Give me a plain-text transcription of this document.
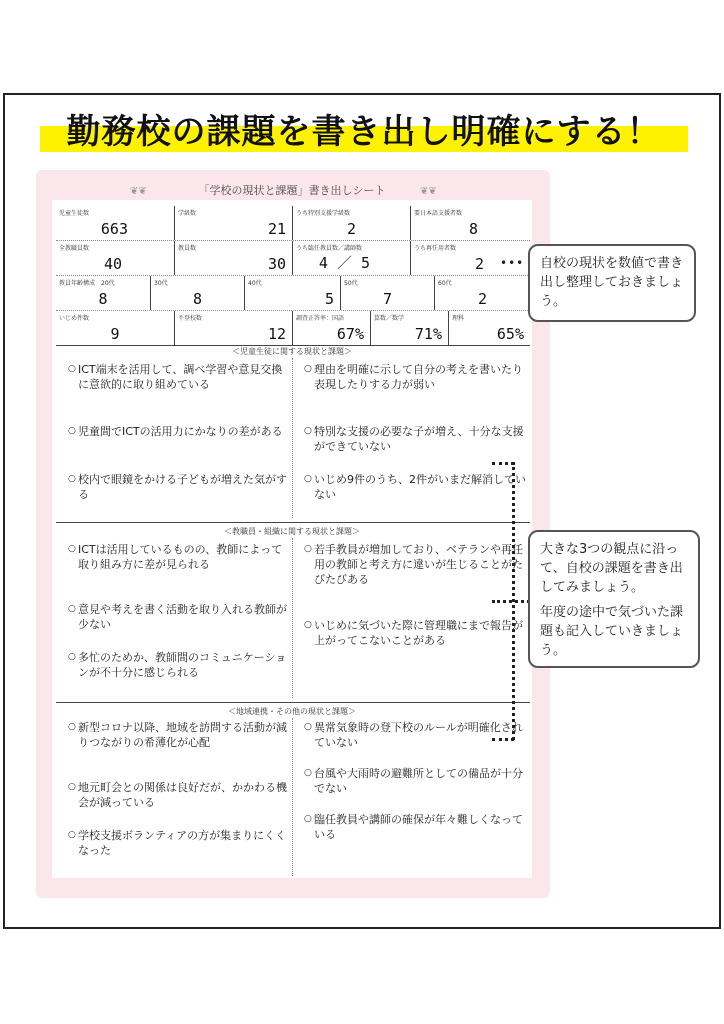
勤務校の課題を書き出し明確にする！
❦❦	❦❦
「学校の現状と課題」書き出しシート
児童生徒数
663
学級数
21
うち特別支援学級数
2
要日本語支援者数
8
全教職員数
40
教員数
30
うち臨任教員数／講師数
4 ／ 5
うち再任用者数
2
教員年齢構成　20代
8
30代
8
40代
5
50代
7
60代
2
いじめ件数
9
不登校数
12
調査正答率：国語
67%
算数／数学
71%
理科
65%
•••
＜児童生徒に関する現状と課題＞
○ ICT端末を活用して、調べ学習や意見交換に意欲的に取り組めている
○ 児童間でICTの活用力にかなりの差がある
○ 校内で眼鏡をかける子どもが増えた気がする
○ 理由を明確に示して自分の考えを書いたり表現したりする力が弱い
○ 特別な支援の必要な子が増え、十分な支援ができていない
○ いじめ9件のうち、2件がいまだ解消していない
＜教職員・組織に関する現状と課題＞
○ ICTは活用しているものの、教師によって取り組み方に差が見られる
○ 意見や考えを書く活動を取り入れる教師が少ない
○ 多忙のためか、教師間のコミュニケーションが不十分に感じられる
○ 若手教員が増加しており、ベテランや再任用の教師と考え方に違いが生じることがたびたびある
○ いじめに気づいた際に管理職にまで報告が上がってこないことがある
＜地域連携・その他の現状と課題＞
○ 新型コロナ以降、地域を訪問する活動が減りつながりの希薄化が心配
○ 地元町会との関係は良好だが、かかわる機会が減っている
○ 学校支援ボランティアの方が集まりにくくなった
○ 異常気象時の登下校のルールが明確化されていない
○ 台風や大雨時の避難所としての備品が十分でない
○ 臨任教員や講師の確保が年々難しくなっている
自校の現状を数値で書き出し整理しておきましょう。
大きな3つの観点に沿って、自校の課題を書き出してみましょう。
年度の途中で気づいた課題も記入していきましょう。
